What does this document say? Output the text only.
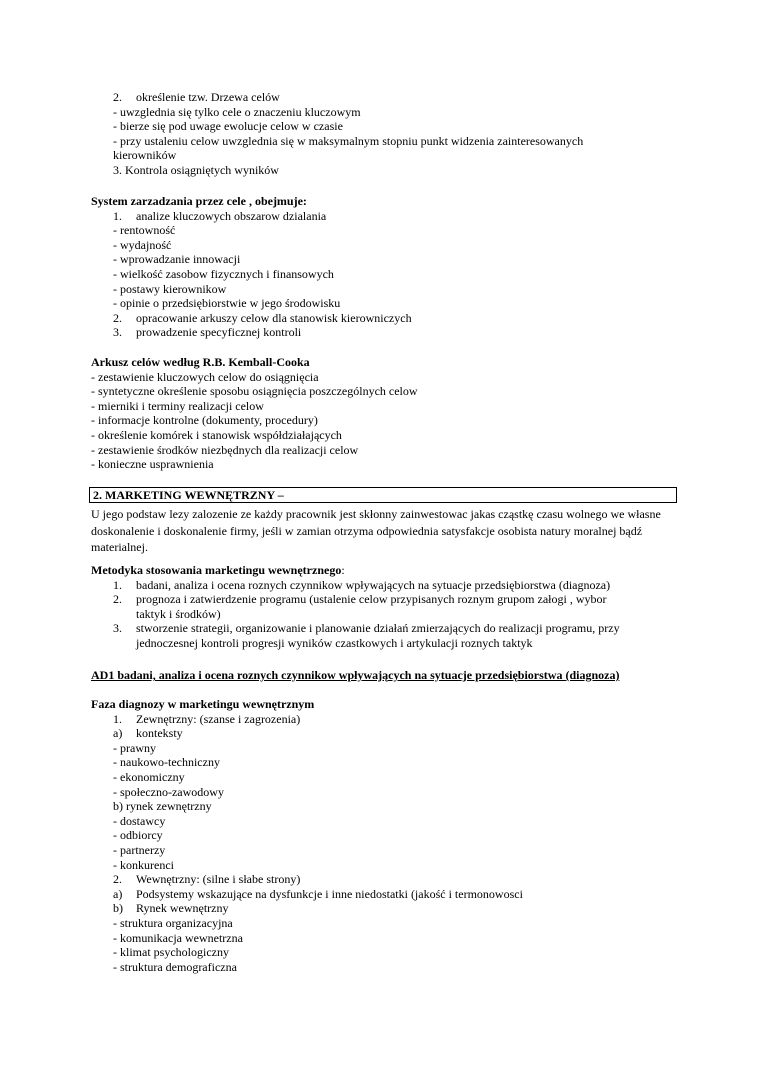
2. określenie tzw. Drzewa celów

- uwzglednia się tylko cele o znaczeniu kluczowym

- bierze się pod uwage ewolucje celow w czasie

- przy ustaleniu celow uwzglednia się w maksymalnym stopniu punkt widzenia zainteresowanych

kierowników

3. Kontrola osiągniętych wyników

System zarzadzania przez cele , obejmuje:

1. analize kluczowych obszarow dzialania

- rentowność

- wydajność

- wprowadzanie innowacji

- wielkość zasobow fizycznych i finansowych

- postawy kierownikow

- opinie o przedsiębiorstwie w jego środowisku

2. opracowanie arkuszy celow dla stanowisk kierowniczych

3. prowadzenie specyficznej kontroli

Arkusz celów według R.B. Kemball-Cooka

- zestawienie kluczowych celow do osiągnięcia

- syntetyczne określenie sposobu osiągnięcia poszczególnych celow

- mierniki i terminy realizacji celow

- informacje kontrolne (dokumenty, procedury)

- określenie komórek i stanowisk współdziałających

- zestawienie środków niezbędnych dla realizacji celow

- konieczne usprawnienia

2. MARKETING WEWNĘTRZNY –

U jego podstaw lezy zalozenie ze każdy pracownik jest skłonny zainwestowac jakas cząstkę czasu wolnego we własne doskonalenie i doskonalenie firmy, jeśli w zamian otrzyma odpowiednia satysfakcje osobista natury moralnej bądź materialnej.

Metodyka stosowania marketingu wewnętrznego:

1.	badani, analiza i ocena roznych czynnikow wpływających na sytuacje przedsiębiorstwa (diagnoza)
2.	prognoza i zatwierdzenie programu (ustalenie celow przypisanych roznym grupom załogi , wybor taktyk i środków)
3.	stworzenie strategii, organizowanie i planowanie działań zmierzających do realizacji programu, przy jednoczesnej kontroli progresji wyników czastkowych i artykulacji roznych taktyk

AD1 badani, analiza i ocena roznych czynnikow wpływających na sytuacje przedsiębiorstwa (diagnoza)

Faza diagnozy w marketingu wewnętrznym

1. Zewnętrzny: (szanse i zagrozenia)

a) konteksty

- prawny

- naukowo-techniczny

- ekonomiczny

- społeczno-zawodowy

b) rynek zewnętrzny

- dostawcy

- odbiorcy

- partnerzy

- konkurenci

2. Wewnętrzny: (silne i słabe strony)

a) Podsystemy wskazujące na dysfunkcje i inne niedostatki (jakość i termonowosci

b) Rynek wewnętrzny

- struktura organizacyjna

- komunikacja wewnetrzna

- klimat psychologiczny

- struktura demograficzna
